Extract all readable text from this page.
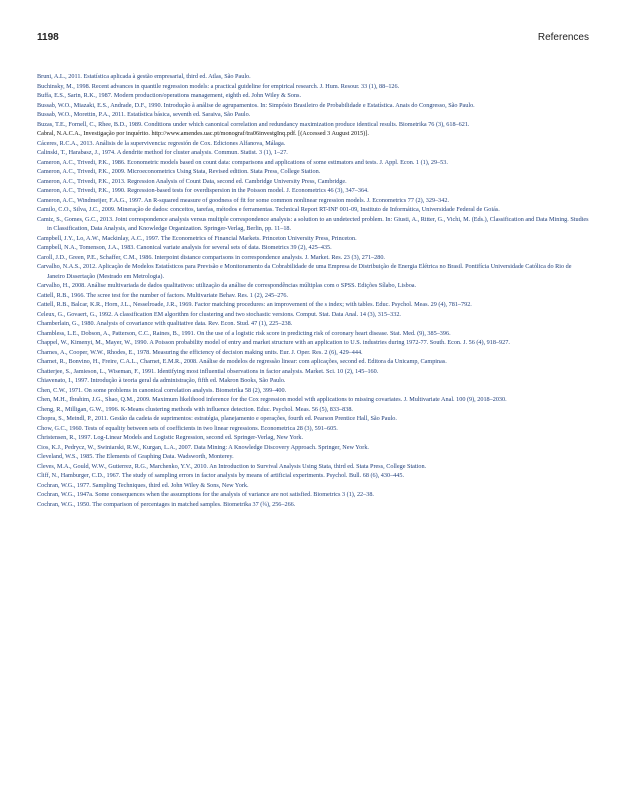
1198	References
Bruni, A.L., 2011. Estatística aplicada à gestão empresarial, third ed. Atlas, São Paulo.
Buchinsky, M., 1998. Recent advances in quantile regression models: a practical guideline for empirical research. J. Hum. Resour. 33 (1), 88–126.
Buffa, E.S., Sarin, R.K., 1987. Modern production/operations management, eighth ed. John Wiley & Sons.
Bussab, W.O., Miazaki, E.S., Andrade, D.F., 1990. Introdução à análise de agrupamentos. In: Simpósio Brasileiro de Probabilidade e Estatística. Anais do Congresso, São Paulo.
Bussab, W.O., Morettin, P.A., 2011. Estatística básica, seventh ed. Saraiva, São Paulo.
Buzas, T.E., Fornell, C., Rhee, B.D., 1989. Conditions under which canonical correlation and redundancy maximization produce identical results. Biometrika 76 (3), 618–621.
Cabral, N.A.C.A., Investigação por inquérito. http://www.amendes.uac.pt/monograf/tra06investgInq.pdf. [(Accessed 3 August 2015)].
Cáceres, R.C.A., 2013. Análisis de la supervivencia: regresión de Cox. Ediciones Alfanova, Málaga.
Calinski, T., Harabasz, J., 1974. A dendrite method for cluster analysis. Commun. Statist. 3 (1), 1–27.
Cameron, A.C., Trivedi, P.K., 1986. Econometric models based on count data: comparisons and applications of some estimators and tests. J. Appl. Econ. 1 (1), 29–53.
Cameron, A.C., Trivedi, P.K., 2009. Microeconometrics Using Stata, Revised edition. Stata Press, College Station.
Cameron, A.C., Trivedi, P.K., 2013. Regression Analysis of Count Data, second ed. Cambridge University Press, Cambridge.
Cameron, A.C., Trivedi, P.K., 1990. Regression-based tests for overdispersion in the Poisson model. J. Econometrics 46 (3), 347–364.
Cameron, A.C., Windmeijer, F.A.G., 1997. An R-squared measure of goodness of fit for some common nonlinear regression models. J. Econometrics 77 (2), 329–342.
Camilo, C.O., Silva, J.C., 2009. Mineração de dados: conceitos, tarefas, métodos e ferramentas. Technical Report RT-INF 001-09, Instituto de Informática, Universidade Federal de Goiás.
Camiz, S., Gomes, G.C., 2013. Joint correspondence analysis versus multiple correspondence analysis: a solution to an undetected problem. In: Giusti, A., Ritter, G., Vichi, M. (Eds.), Classification and Data Mining. Studies in Classification, Data Analysis, and Knowledge Organization. Springer-Verlag, Berlin, pp. 11–18.
Campbell, J.Y., Lo, A.W., Mackinlay, A.C., 1997. The Econometrics of Financial Markets. Princeton University Press, Princeton.
Campbell, N.A., Tomenson, J.A., 1983. Canonical variate analysis for several sets of data. Biometrics 39 (2), 425–435.
Caroll, J.D., Green, P.E., Schaffer, C.M., 1986. Interpoint distance comparisons in correspondence analysis. J. Market. Res. 23 (3), 271–280.
Carvalho, N.A.S., 2012. Aplicação de Modelos Estatísticos para Previsão e Monitoramento da Cobrabilidade de uma Empresa de Distribuição de Energia Elétrica no Brasil. Pontifícia Universidade Católica do Rio de Janeiro Dissertação (Mestrado em Metrologia).
Carvalho, H., 2008. Análise multivariada de dados qualitativos: utilização da análise de correspondências múltiplas com o SPSS. Edições Sílabo, Lisboa.
Cattell, R.B., 1966. The scree test for the number of factors. Multivariate Behav. Res. 1 (2), 245–276.
Cattell, R.B., Balcar, K.R., Horn, J.L., Nesselroade, J.R., 1969. Factor matching procedures: an improvement of the s index; with tables. Educ. Psychol. Meas. 29 (4), 781–792.
Celeux, G., Govaert, G., 1992. A classification EM algorithm for clustering and two stochastic versions. Comput. Stat. Data Anal. 14 (3), 315–332.
Chamberlain, G., 1980. Analysis of covariance with qualitative data. Rev. Econ. Stud. 47 (1), 225–238.
Chambless, L.E., Dobson, A., Patterson, C.C., Raines, B., 1991. On the use of a logistic risk score in predicting risk of coronary heart disease. Stat. Med. (9), 385–396.
Chappel, W., Kimenyi, M., Mayer, W., 1990. A Poisson probability model of entry and market structure with an application to U.S. industries during 1972-77. South. Econ. J. 56 (4), 918–927.
Charnes, A., Cooper, W.W., Rhodes, E., 1978. Measuring the efficiency of decision making units. Eur. J. Oper. Res. 2 (6), 429–444.
Charnet, R., Bonvino, H., Freire, C.A.L., Charnet, E.M.R., 2008. Análise de modelos de regressão linear: com aplicações, second ed. Editora da Unicamp, Campinas.
Chatterjee, S., Jamieson, L., Wiseman, F., 1991. Identifying most influential observations in factor analysis. Market. Sci. 10 (2), 145–160.
Chiavenato, I., 1997. Introdução à teoria geral da administração, fifth ed. Makron Books, São Paulo.
Chen, C.W., 1971. On some problems in canonical correlation analysis. Biometrika 58 (2), 399–400.
Chen, M.H., Ibrahim, J.G., Shao, Q.M., 2009. Maximum likelihood inference for the Cox regression model with applications to missing covariates. J. Multivariate Anal. 100 (9), 2018–2030.
Cheng, R., Milligan, G.W., 1996. K-Means clustering methods with influence detection. Educ. Psychol. Meas. 56 (5), 833–838.
Chopra, S., Meindl, P., 2011. Gestão da cadeia de suprimentos: estratégia, planejamento e operações, fourth ed. Pearson Prentice Hall, São Paulo.
Chow, G.C., 1960. Tests of equality between sets of coefficients in two linear regressions. Econometrica 28 (3), 591–605.
Christensen, R., 1997. Log-Linear Models and Logistic Regression, second ed. Springer-Verlag, New York.
Cios, K.J., Pedrycz, W., Swiniarski, R.W., Kurgan, L.A., 2007. Data Mining: A Knowledge Discovery Approach. Springer, New York.
Cleveland, W.S., 1985. The Elements of Graphing Data. Wadsworth, Monterey.
Cleves, M.A., Gould, W.W., Gutierrez, R.G., Marchenko, Y.V., 2010. An Introduction to Survival Analysis Using Stata, third ed. Stata Press, College Station.
Cliff, N., Hamburger, C.D., 1967. The study of sampling errors in factor analysis by means of artificial experiments. Psychol. Bull. 68 (6), 430–445.
Cochran, W.G., 1977. Sampling Techniques, third ed. John Wiley & Sons, New York.
Cochran, W.G., 1947a. Some consequences when the assumptions for the analysis of variance are not satisfied. Biometrics 3 (1), 22–38.
Cochran, W.G., 1950. The comparison of percentages in matched samples. Biometrika 37 (¾), 256–266.
